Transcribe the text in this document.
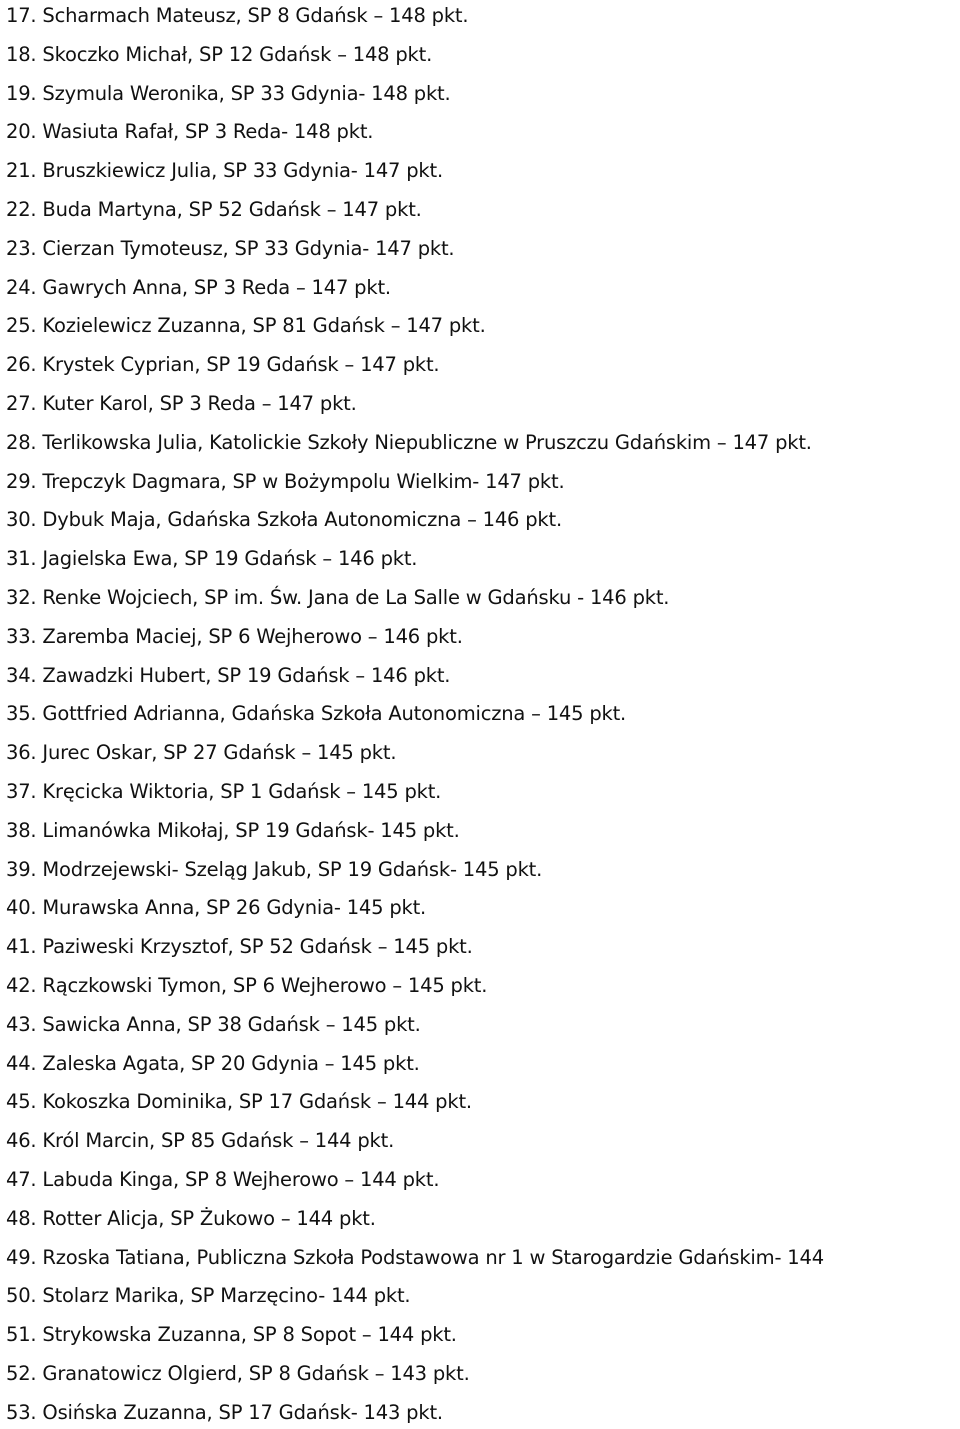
17. Scharmach Mateusz, SP 8 Gdańsk – 148 pkt.
18. Skoczko Michał, SP 12 Gdańsk – 148 pkt.
19. Szymula Weronika, SP 33 Gdynia- 148 pkt.
20. Wasiuta Rafał, SP 3 Reda- 148 pkt.
21. Bruszkiewicz Julia, SP 33 Gdynia- 147 pkt.
22. Buda Martyna, SP 52 Gdańsk – 147 pkt.
23. Cierzan Tymoteusz, SP 33 Gdynia- 147 pkt.
24. Gawrych Anna, SP 3 Reda – 147 pkt.
25. Kozielewicz Zuzanna, SP 81 Gdańsk – 147 pkt.
26. Krystek Cyprian, SP 19 Gdańsk – 147 pkt.
27. Kuter Karol, SP 3 Reda – 147 pkt.
28. Terlikowska Julia, Katolickie Szkoły Niepubliczne w Pruszczu Gdańskim – 147 pkt.
29. Trepczyk Dagmara, SP w Bożympolu Wielkim- 147 pkt.
30. Dybuk Maja, Gdańska Szkoła Autonomiczna – 146 pkt.
31. Jagielska Ewa, SP 19 Gdańsk – 146 pkt.
32. Renke Wojciech, SP im. Św. Jana de La Salle w Gdańsku - 146 pkt.
33. Zaremba Maciej, SP 6 Wejherowo – 146 pkt.
34. Zawadzki Hubert, SP 19 Gdańsk – 146 pkt.
35. Gottfried Adrianna, Gdańska Szkoła Autonomiczna – 145 pkt.
36. Jurec Oskar, SP 27 Gdańsk – 145 pkt.
37. Kręcicka Wiktoria, SP 1 Gdańsk – 145 pkt.
38. Limanówka Mikołaj, SP 19 Gdańsk- 145 pkt.
39. Modrzejewski- Szeląg Jakub, SP 19 Gdańsk- 145 pkt.
40. Murawska Anna, SP 26 Gdynia- 145 pkt.
41. Paziweski Krzysztof, SP 52 Gdańsk – 145 pkt.
42. Rączkowski Tymon, SP 6 Wejherowo – 145 pkt.
43. Sawicka Anna, SP 38 Gdańsk – 145 pkt.
44. Zaleska Agata, SP 20 Gdynia – 145 pkt.
45. Kokoszka Dominika, SP 17 Gdańsk – 144 pkt.
46. Król Marcin, SP 85 Gdańsk – 144 pkt.
47. Labuda Kinga, SP 8 Wejherowo – 144 pkt.
48. Rotter Alicja, SP Żukowo – 144 pkt.
49. Rzoska Tatiana, Publiczna Szkoła Podstawowa nr 1 w Starogardzie Gdańskim- 144
50. Stolarz Marika, SP Marzęcino- 144 pkt.
51. Strykowska Zuzanna, SP 8 Sopot – 144 pkt.
52. Granatowicz Olgierd, SP 8 Gdańsk – 143 pkt.
53. Osińska Zuzanna, SP 17 Gdańsk- 143 pkt.
